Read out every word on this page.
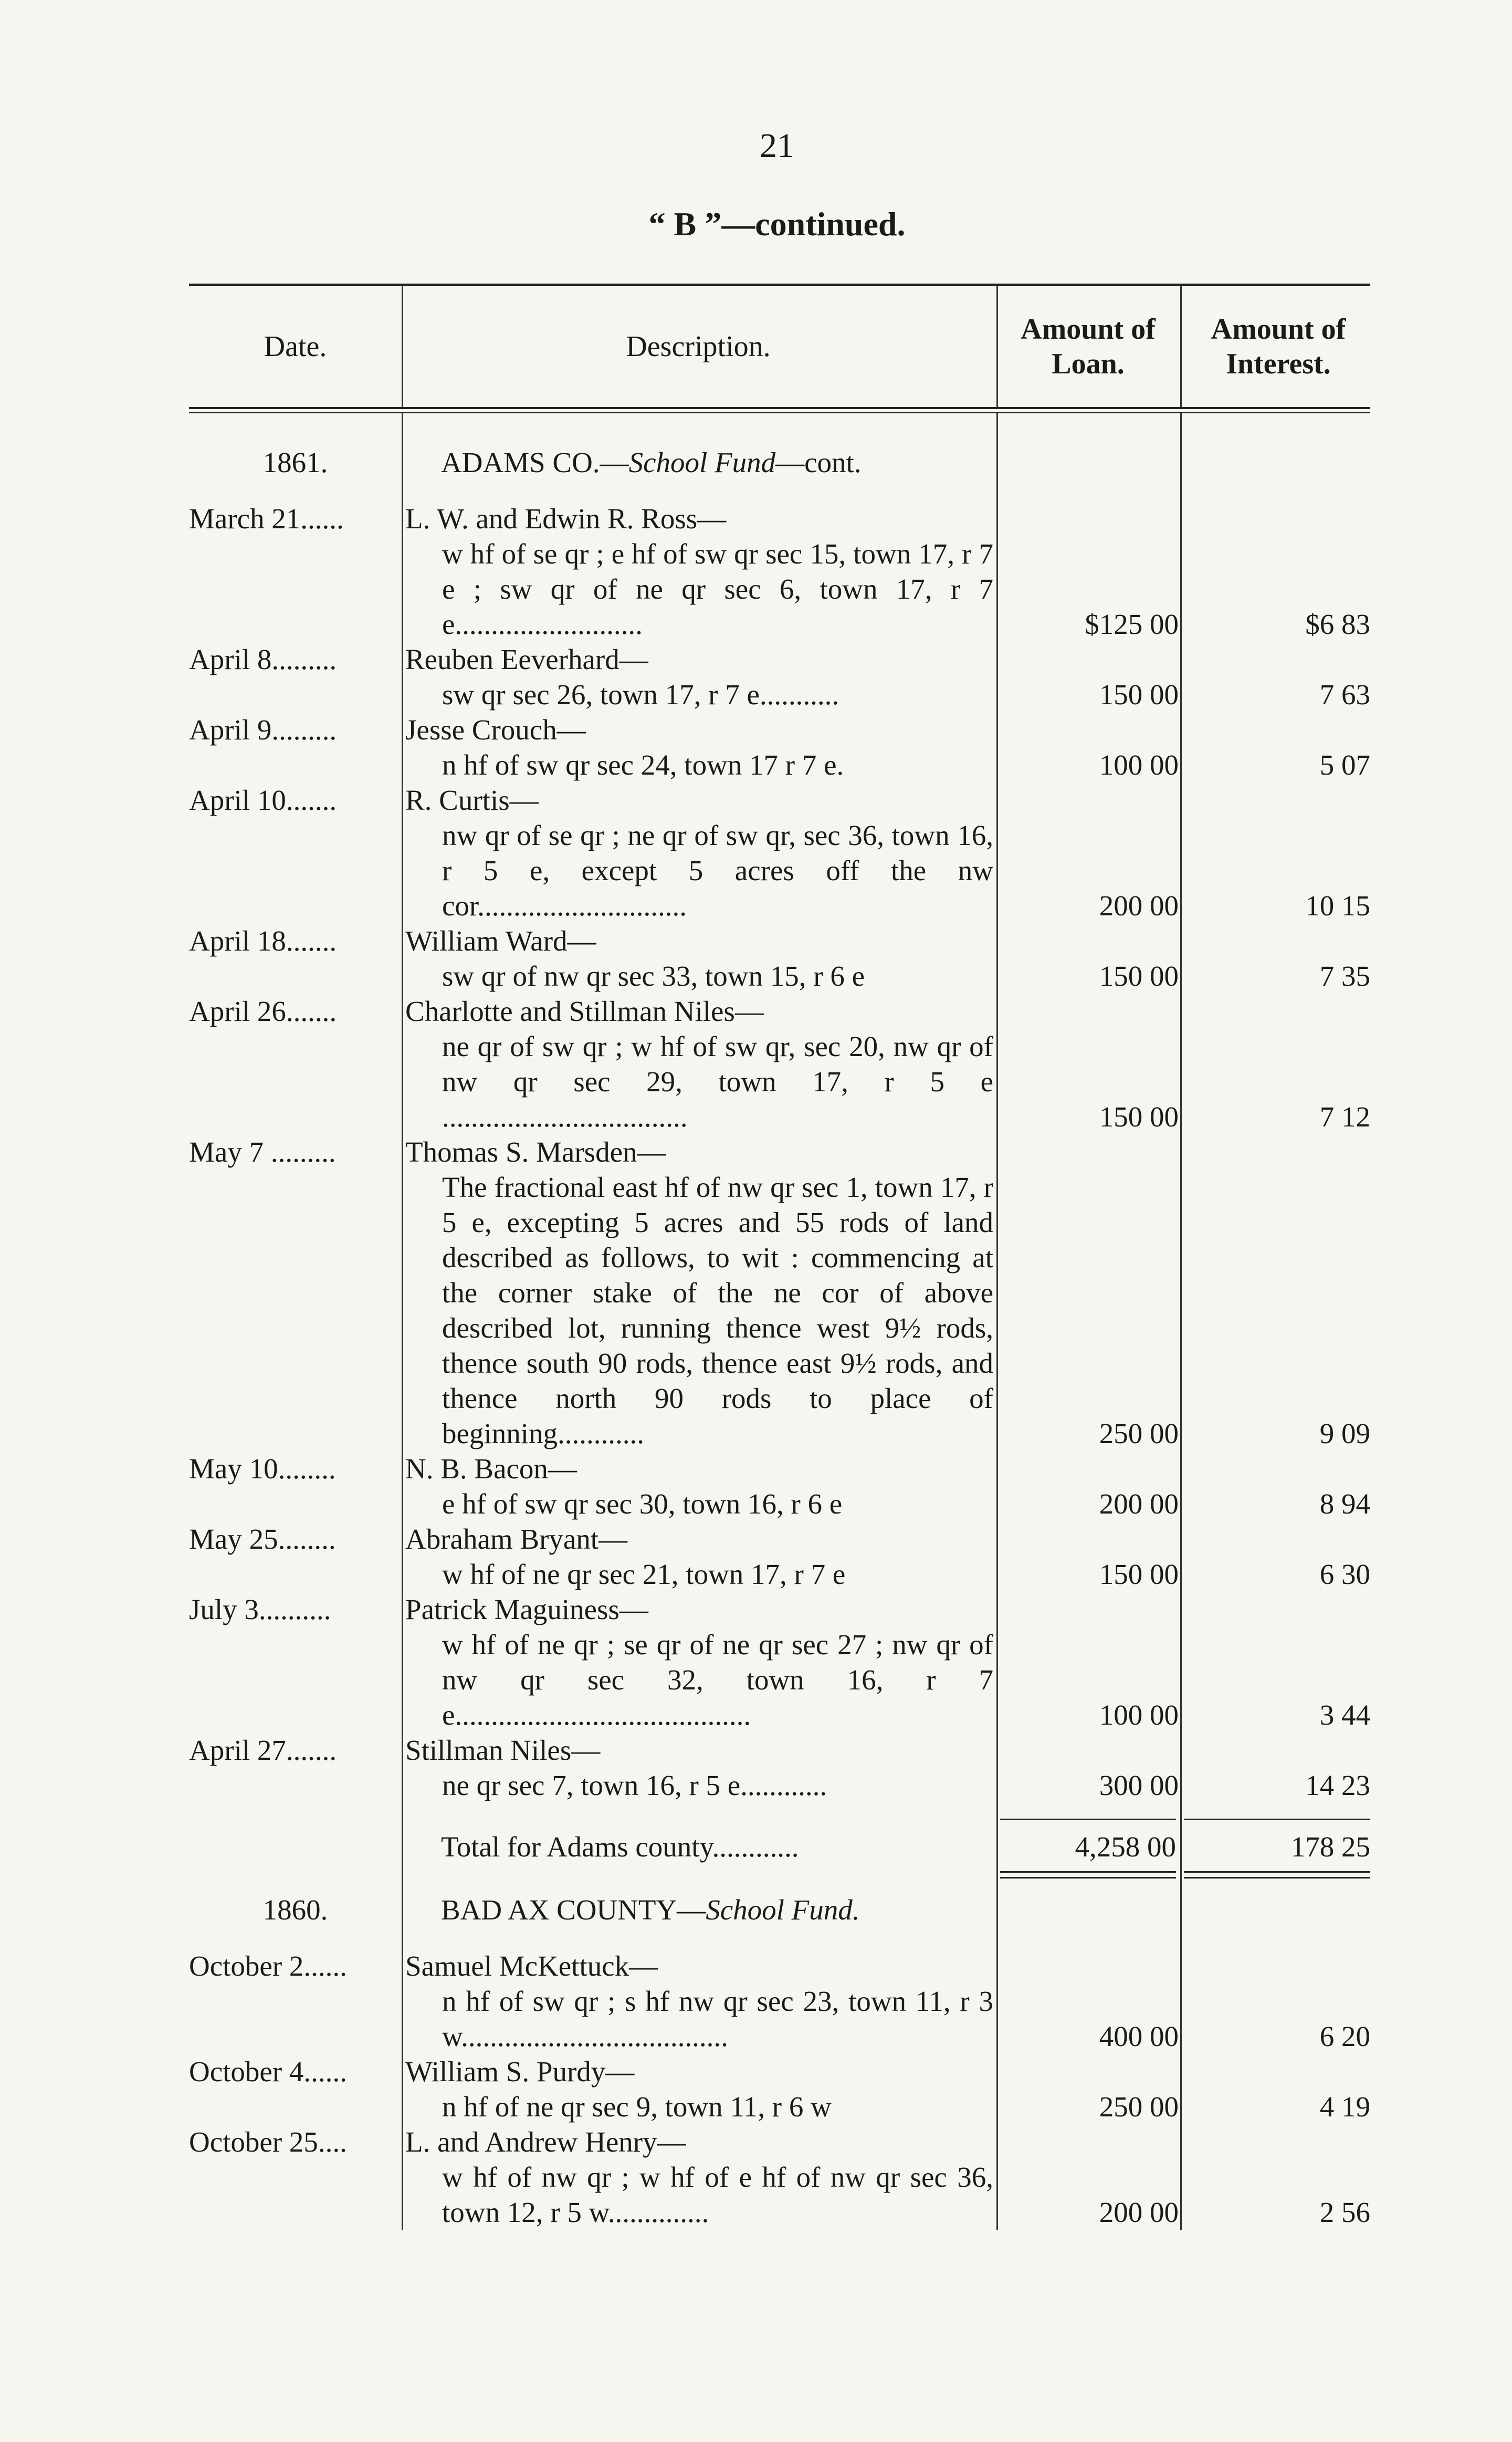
21
“ B ”—continued.
Date.	Description.
Amount of
Loan.
Amount of
Interest.
1861.	ADAMS CO.—School Fund—cont.
March 21......	L. W. and Edwin R. Ross—
w hf of se qr ; e hf of sw qr sec 15, town 17, r 7 e ; sw qr of ne qr sec 6, town 17, r 7 e..........................	$125 00	$6 83
April 8.........	Reuben Eeverhard—
sw qr sec 26, town 17, r 7 e...........	150 00	7 63
April 9.........	Jesse Crouch—
n hf of sw qr sec 24, town 17 r 7 e.	100 00	5 07
April 10.......	R. Curtis—
nw qr of se qr ; ne qr of sw qr, sec 36, town 16, r 5 e, except 5 acres off the nw cor.............................	200 00	10 15
April 18.......	William Ward—
sw qr of nw qr sec 33, town 15, r 6 e	150 00	7 35
April 26.......	Charlotte and Stillman Niles—
ne qr of sw qr ; w hf of sw qr, sec 20, nw qr of nw qr sec 29, town 17, r 5 e ..................................	150 00	7 12
May 7 .........	Thomas S. Marsden—
The fractional east hf of nw qr sec 1, town 17, r 5 e, excepting 5 acres and 55 rods of land described as follows, to wit : commencing at the corner stake of the ne cor of above described lot, running thence west 9½ rods, thence south 90 rods, thence east 9½ rods, and thence north 90 rods to place of beginning............	250 00	9 09
May 10........	N. B. Bacon—
e hf of sw qr sec 30, town 16, r 6 e	200 00	8 94
May 25........	Abraham Bryant—
w hf of ne qr sec 21, town 17, r 7 e	150 00	6 30
July 3..........	Patrick Maguiness—
w hf of ne qr ; se qr of ne qr sec 27 ; nw qr of nw qr sec 32, town 16, r 7 e.........................................	100 00	3 44
April 27.......	Stillman Niles—
ne qr sec 7, town 16, r 5 e............	300 00	14 23
Total for Adams county............	4,258 00	178 25
1860.	BAD AX COUNTY—School Fund.
October 2......	Samuel McKettuck—
n hf of sw qr ; s hf nw qr sec 23, town 11, r 3 w.....................................	400 00	6 20
October 4......	William S. Purdy—
n hf of ne qr sec 9, town 11, r 6 w	250 00	4 19
October 25....	L. and Andrew Henry—
w hf of nw qr ; w hf of e hf of nw qr sec 36, town 12, r 5 w..............	200 00	2 56
